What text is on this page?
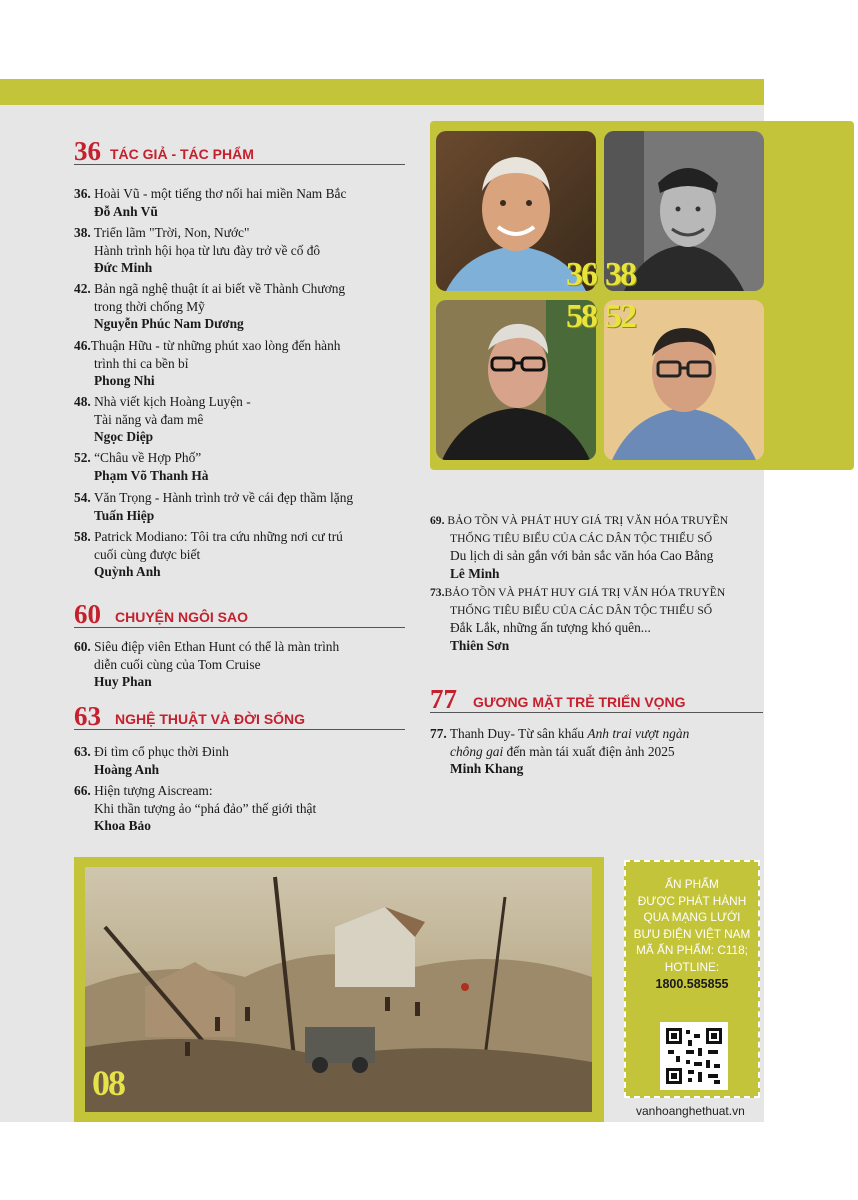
36 TÁC GIẢ - TÁC PHẨM
36. Hoài Vũ - một tiếng thơ nối hai miền Nam Bắc
Đỗ Anh Vũ
38. Triển lãm "Trời, Non, Nước"
Hành trình hội họa từ lưu đày trở về cố đô
Đức Minh
42. Bản ngã nghệ thuật ít ai biết về Thành Chương
trong thời chống Mỹ
Nguyễn Phúc Nam Dương
46.Thuận Hữu - từ những phút xao lòng đến hành
trình thi ca bền bỉ
Phong Nhi
48. Nhà viết kịch Hoàng Luyện -
Tài năng và đam mê
Ngọc Diệp
52. “Châu về Hợp Phố”
Phạm Võ Thanh Hà
54. Văn Trọng - Hành trình trở về cái đẹp thầm lặng
Tuấn Hiệp
58. Patrick Modiano: Tôi tra cứu những nơi cư trú
cuối cùng được biết
Quỳnh Anh
60 CHUYỆN NGÔI SAO
60. Siêu điệp viên Ethan Hunt có thể là màn trình
diễn cuối cùng của Tom Cruise
Huy Phan
63 NGHỆ THUẬT VÀ ĐỜI SỐNG
63. Đi tìm cổ phục thời Đinh
Hoàng Anh
66. Hiện tượng Aiscream:
Khi thần tượng ảo “phá đảo” thế giới thật
Khoa Bảo
36 38
58 52
69. BẢO TỒN VÀ PHÁT HUY GIÁ TRỊ VĂN HÓA TRUYỀN
THỐNG TIÊU BIỂU CỦA CÁC DÂN TỘC THIỂU SỐ
Du lịch di sản gắn với bản sắc văn hóa Cao Bằng
Lê Minh
73.BẢO TỒN VÀ PHÁT HUY GIÁ TRỊ VĂN HÓA TRUYỀN
THỐNG TIÊU BIỂU CỦA CÁC DÂN TỘC THIỂU SỐ
Đắk Lắk, những ấn tượng khó quên...
Thiên Sơn
77 GƯƠNG MẶT TRẺ TRIỂN VỌNG
77. Thanh Duy- Từ sân khấu Anh trai vượt ngàn
chông gai đến màn tái xuất điện ảnh 2025
Minh Khang
08
ẤN PHẨM
ĐƯỢC PHÁT HÀNH
QUA MẠNG LƯỚI
BƯU ĐIỆN VIỆT NAM
MÃ ẤN PHẨM: C118;
HOTLINE:
1800.585855
vanhoanghethuat.vn
